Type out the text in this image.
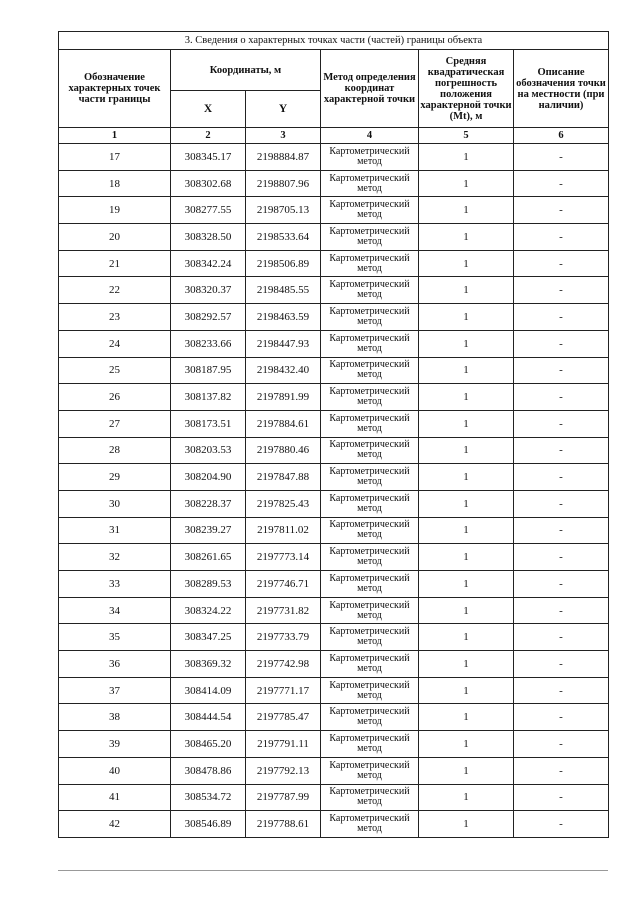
3. Сведения о характерных точках части (частей) границы объекта					
Обозначение характерных точек части границы	Координаты, м		Метод определения координат характерной точки	Средняя квадратическая погрешность положения характерной точки (Mt), м	Описание обозначения точки на местности (при наличии)
	X	Y			
1	2	3	4	5	6
17	308345.17	2198884.87	Картометрический метод	1	-
18	308302.68	2198807.96	Картометрический метод	1	-
19	308277.55	2198705.13	Картометрический метод	1	-
20	308328.50	2198533.64	Картометрический метод	1	-
21	308342.24	2198506.89	Картометрический метод	1	-
22	308320.37	2198485.55	Картометрический метод	1	-
23	308292.57	2198463.59	Картометрический метод	1	-
24	308233.66	2198447.93	Картометрический метод	1	-
25	308187.95	2198432.40	Картометрический метод	1	-
26	308137.82	2197891.99	Картометрический метод	1	-
27	308173.51	2197884.61	Картометрический метод	1	-
28	308203.53	2197880.46	Картометрический метод	1	-
29	308204.90	2197847.88	Картометрический метод	1	-
30	308228.37	2197825.43	Картометрический метод	1	-
31	308239.27	2197811.02	Картометрический метод	1	-
32	308261.65	2197773.14	Картометрический метод	1	-
33	308289.53	2197746.71	Картометрический метод	1	-
34	308324.22	2197731.82	Картометрический метод	1	-
35	308347.25	2197733.79	Картометрический метод	1	-
36	308369.32	2197742.98	Картометрический метод	1	-
37	308414.09	2197771.17	Картометрический метод	1	-
38	308444.54	2197785.47	Картометрический метод	1	-
39	308465.20	2197791.11	Картометрический метод	1	-
40	308478.86	2197792.13	Картометрический метод	1	-
41	308534.72	2197787.99	Картометрический метод	1	-
42	308546.89	2197788.61	Картометрический метод	1	-
